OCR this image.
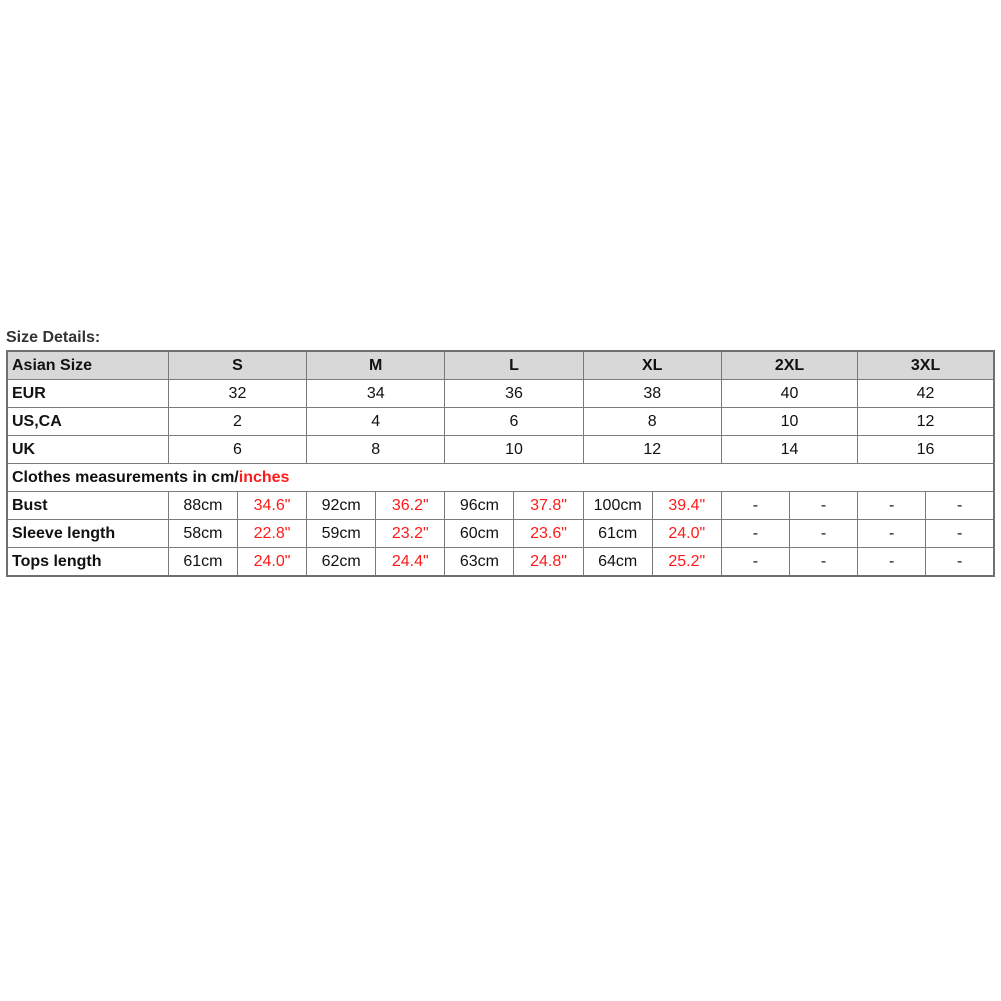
Size Details:
Asian Size	S		M		L		XL		2XL		3XL	
EUR	32		34		36		38		40		42	
US,CA	2		4		6		8		10		12	
UK	6		8		10		12		14		16	
Clothes measurements in cm/inches												
Bust	88cm	34.6"	92cm	36.2"	96cm	37.8"	100cm	39.4"	-	-	-	-
Sleeve length	58cm	22.8"	59cm	23.2"	60cm	23.6"	61cm	24.0"	-	-	-	-
Tops length	61cm	24.0"	62cm	24.4"	63cm	24.8"	64cm	25.2"	-	-	-	-
